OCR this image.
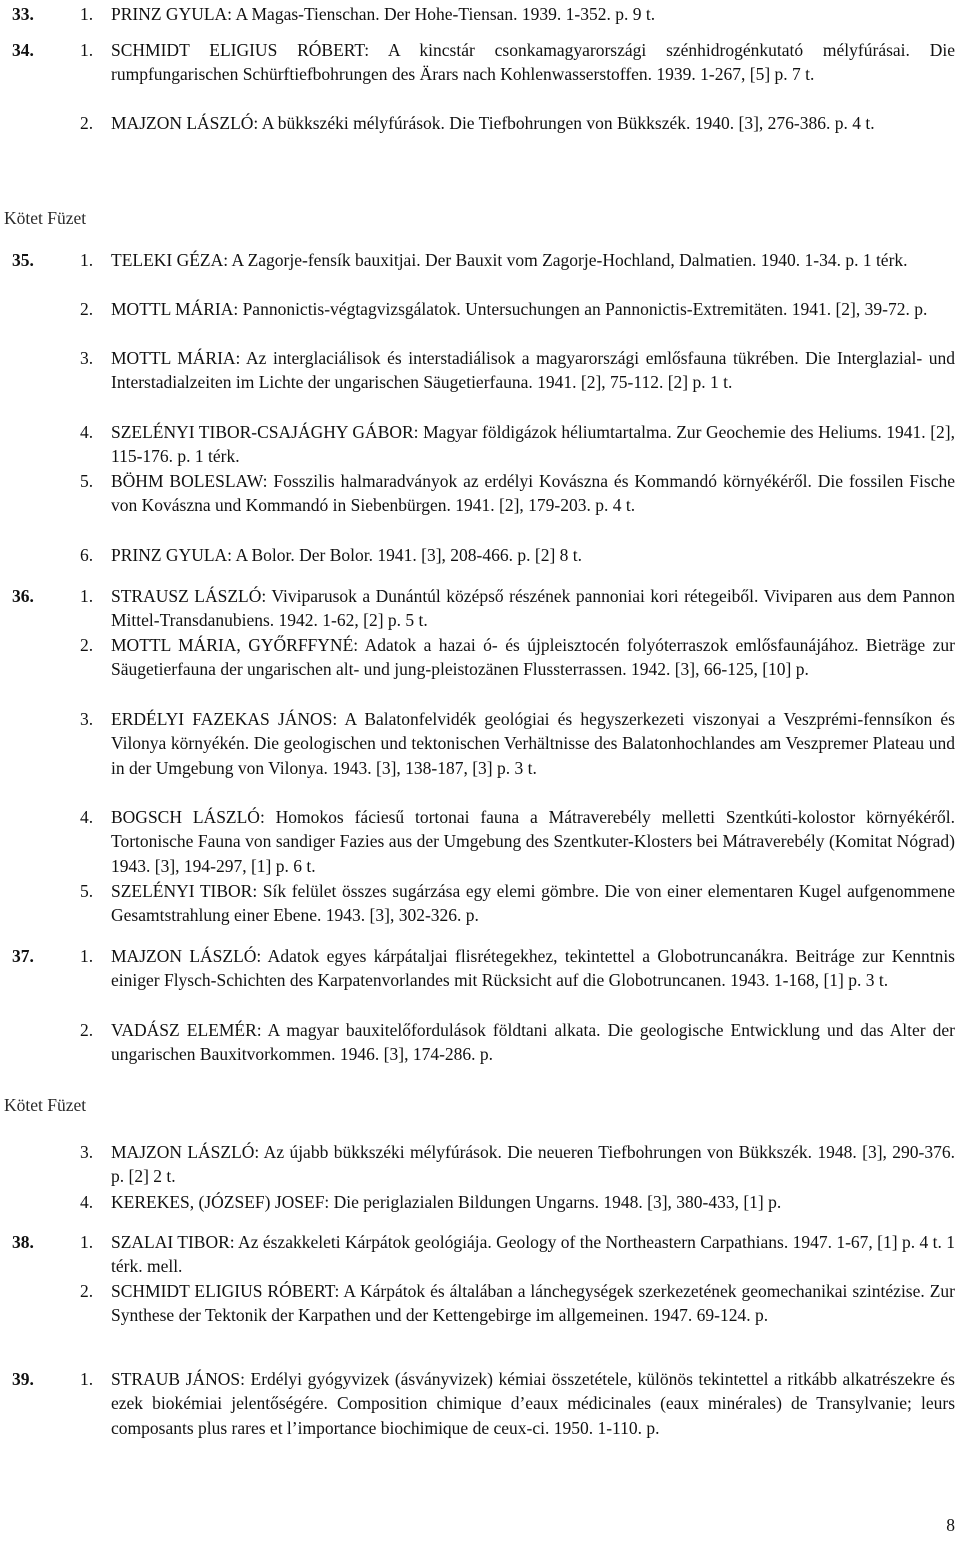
33.	1. PRINZ GYULA: A Magas-Tienschan. Der Hohe-Tiensan. 1939. 1-352. p. 9 t.
34.	1. SCHMIDT ELIGIUS RÓBERT: A kincstár csonkamagyarországi szénhidrogénkutató mélyfúrásai. Die rumpfungarischen Schürftiefbohrungen des Ärars nach Kohlenwasserstoffen. 1939. 1-267, [5] p. 7 t.
2. MAJZON LÁSZLÓ: A bükkszéki mélyfúrások. Die Tiefbohrungen von Bükkszék. 1940. [3], 276-386. p. 4 t.
Kötet Füzet
35.	1. TELEKI GÉZA: A Zagorje-fensík bauxitjai. Der Bauxit vom Zagorje-Hochland, Dalmatien. 1940. 1-34. p. 1 térk.
2. MOTTL MÁRIA: Pannonictis-végtagvizsgálatok. Untersuchungen an Pannonictis-Extremitäten. 1941. [2], 39-72. p.
3. MOTTL MÁRIA: Az interglaciálisok és interstadiálisok a magyarországi emlősfauna tükrében. Die Interglazial- und Interstadialzeiten im Lichte der ungarischen Säugetierfauna. 1941. [2], 75-112. [2] p. 1 t.
4. SZELÉNYI TIBOR-CSAJÁGHY GÁBOR: Magyar földigázok héliumtartalma. Zur Geochemie des Heliums. 1941. [2], 115-176. p. 1 térk.
5. BÖHM BOLESLAW: Fosszilis halmaradványok az erdélyi Kovászna és Kommandó környékéről. Die fossilen Fische von Kovászna und Kommandó in Siebenbürgen. 1941. [2], 179-203. p. 4 t.
6. PRINZ GYULA: A Bolor. Der Bolor. 1941. [3], 208-466. p. [2] 8 t.
36.	1. STRAUSZ LÁSZLÓ: Viviparusok a Dunántúl középső részének pannoniai kori rétegeiből. Viviparen aus dem Pannon Mittel-Transdanubiens. 1942. 1-62, [2] p. 5 t.
2. MOTTL MÁRIA, GYŐRFFYNÉ: Adatok a hazai ó- és újpleisztocén folyóterraszok emlősfaunájához. Bieträge zur Säugetierfauna der ungarischen alt- und jung-pleistozänen Flussterrassen. 1942. [3], 66-125, [10] p.
3. ERDÉLYI FAZEKAS JÁNOS: A Balatonfelvidék geológiai és hegyszerkezeti viszonyai a Veszprémi-fennsíkon és Vilonya környékén. Die geologischen und tektonischen Verhältnisse des Balatonhochlandes am Veszpremer Plateau und in der Umgebung von Vilonya. 1943. [3], 138-187, [3] p. 3 t.
4. BOGSCH LÁSZLÓ: Homokos fáciesű tortonai fauna a Mátraverebély melletti Szentkúti-kolostor környékéről. Tortonische Fauna von sandiger Fazies aus der Umgebung des Szentkuter-Klosters bei Mátraverebély (Komitat Nógrad) 1943. [3], 194-297, [1] p. 6 t.
5. SZELÉNYI TIBOR: Sík felület összes sugárzása egy elemi gömbre. Die von einer elementaren Kugel aufgenommene Gesamtstrahlung einer Ebene. 1943. [3], 302-326. p.
37.	1. MAJZON LÁSZLÓ: Adatok egyes kárpátaljai flisrétegekhez, tekintettel a Globotruncanákra. Beitráge zur Kenntnis einiger Flysch-Schichten des Karpatenvorlandes mit Rücksicht auf die Globotruncanen. 1943. 1-168, [1] p. 3 t.
2. VADÁSZ ELEMÉR: A magyar bauxitelőfordulások földtani alkata. Die geologische Entwicklung und das Alter der ungarischen Bauxitvorkommen. 1946. [3], 174-286. p.
Kötet Füzet
3. MAJZON LÁSZLÓ: Az újabb bükkszéki mélyfúrások. Die neueren Tiefbohrungen von Bükkszék. 1948. [3], 290-376. p. [2] 2 t.
4. KEREKES, (JÓZSEF) JOSEF: Die periglazialen Bildungen Ungarns. 1948. [3], 380-433, [1] p.
38.	1. SZALAI TIBOR: Az északkeleti Kárpátok geológiája. Geology of the Northeastern Carpathians. 1947. 1-67, [1] p. 4 t. 1 térk. mell.
2. SCHMIDT ELIGIUS RÓBERT: A Kárpátok és általában a lánchegységek szerkezetének geomechanikai szintézise. Zur Synthese der Tektonik der Karpathen und der Kettengebirge im allgemeinen. 1947. 69-124. p.
39.	1. STRAUB JÁNOS: Erdélyi gyógyvizek (ásványvizek) kémiai összetétele, különös tekintettel a ritkább alkatrészekre és ezek biokémiai jelentőségére. Composition chimique d’eaux médicinales (eaux minérales) de Transylvanie; leurs composants plus rares et l’importance biochimique de ceux-ci. 1950. 1-110. p.
8
